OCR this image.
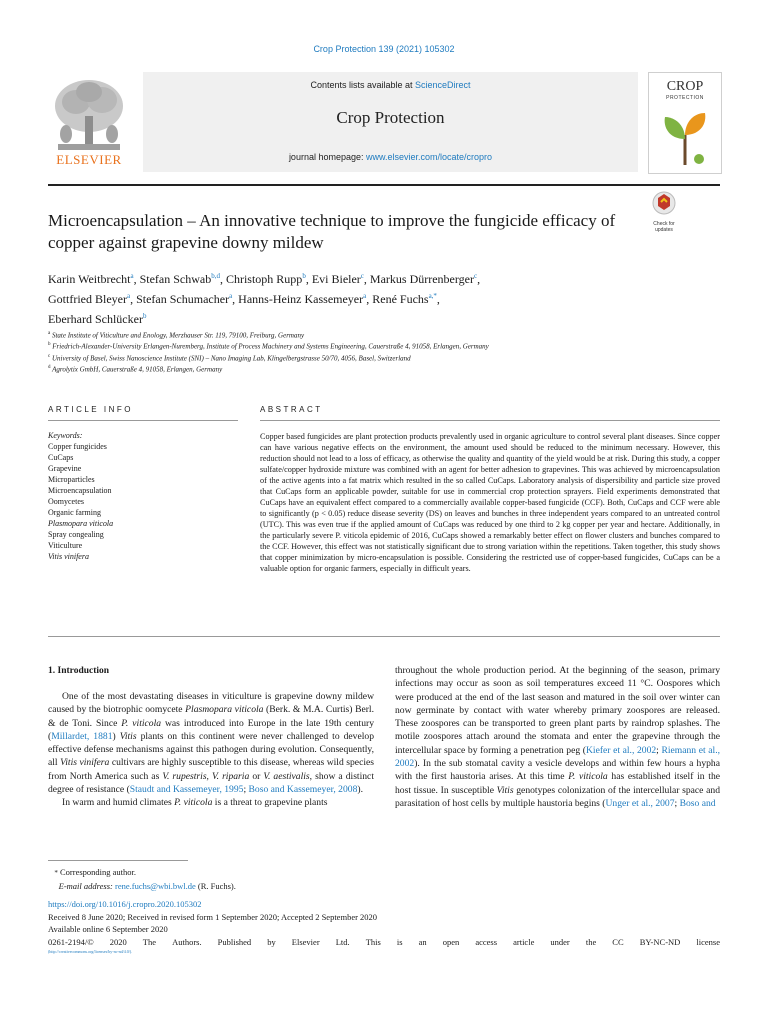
Crop Protection 139 (2021) 105302
ELSEVIER
Contents lists available at ScienceDirect
Crop Protection
journal homepage: www.elsevier.com/locate/cropro
CROP
PROTECTION
Microencapsulation – An innovative technique to improve the fungicide efficacy of copper against grapevine downy mildew
Check for updates
Karin Weitbrecht$^a$, Stefan Schwab$^{b,d}$, Christoph Rupp$^b$, Evi Bieler$^c$, Markus Dürrenberger$^c$,
Gottfried Bleyer$^a$, Stefan Schumacher$^a$, Hanns-Heinz Kassemeyer$^a$, René Fuchs$^{a,*}$,
Eberhard Schlücker$^b$
$^a$ State Institute of Viticulture and Enology, Merzhauser Str. 119, 79100, Freiburg, Germany
$^b$ Friedrich-Alexander-University Erlangen-Nuremberg, Institute of Process Machinery and Systems Engineering, Cauerstraße 4, 91058, Erlangen, Germany
$^c$ University of Basel, Swiss Nanoscience Institute (SNI) – Nano Imaging Lab, Klingelbergstrasse 50/70, 4056, Basel, Switzerland
$^d$ Agrolytix GmbH, Cauerstraße 4, 91058, Erlangen, Germany
ARTICLE INFO	ABSTRACT
Keywords:
Copper fungicides
CuCaps
Grapevine
Microparticles
Microencapsulation
Oomycetes
Organic farming
Plasmopara viticola
Spray congealing
Viticulture
Vitis vinifera
Copper based fungicides are plant protection products prevalently used in organic agriculture to control several plant diseases. Since copper can have various negative effects on the environment, the amount used should be reduced to the minimum necessary. However, this reduction should not lead to a loss of efficacy, as otherwise the quality and quantity of the yield would be at risk. During this study, a copper sulfate/copper hydroxide mixture was combined with an agent for better adhesion to grapevines. This was achieved by microencapsulation of the active agents into a fat matrix which resulted in the so called CuCaps. Laboratory analysis of dispersibility and particle size proved that CuCaps form an applicable powder, suitable for use in commercial crop protection sprayers. Field experiments demonstrated that CuCaps have an equivalent effect compared to a commercially available copper-based fungicide (CCF). Both, CuCaps and CCF were able to significantly (p < 0.05) reduce disease severity (DS) on leaves and bunches in three independent years compared to an untreated control (UTC). This was even true if the applied amount of CuCaps was reduced by one third to 2 kg copper per year and hectare. Additionally, in the particularly severe P. viticola epidemic of 2016, CuCaps showed a remarkably better effect on flower clusters and bunches compared to the CCF. However, this effect was not statistically significant due to strong variation within the repetitions. Taken together, this study shows that copper minimization by micro-encapsulation is possible. Considering the restricted use of copper-based fungicides, CuCaps can be a valuable option for organic farmers, especially in difficult years.
1. Introduction

One of the most devastating diseases in viticulture is grapevine downy mildew caused by the biotrophic oomycete Plasmopara viticola (Berk. & M.A. Curtis) Berl. & de Toni. Since P. viticola was introduced into Europe in the late 19th century (Millardet, 1881) Vitis plants on this continent were never challenged to develop effective defense mechanisms against this pathogen during evolution. Consequently, all Vitis vinifera cultivars are highly susceptible to this disease, whereas wild species from North America such as V. rupestris, V. riparia or V. aestivalis, show a distinct degree of resistance (Staudt and Kassemeyer, 1995; Boso and Kassemeyer, 2008).

In warm and humid climates P. viticola is a threat to grapevine plants

throughout the whole production period. At the beginning of the season, primary infections may occur as soon as soil temperatures exceed 11 °C. Oospores which were produced at the end of the last season and matured in the soil over winter can now germinate by contact with water whereby primary zoospores are released. These zoospores can be transported to green plant parts by raindrop splashes. The motile zoospores attach around the stomata and enter the grapevine through the intercellular space by forming a penetration peg (Kiefer et al., 2002; Riemann et al., 2002). In the sub stomatal cavity a vesicle develops and within few hours a hypha with the first haustoria arises. At this time P. viticola has established itself in the host tissue. In susceptible Vitis genotypes colonization of the intercellular space and parasitation of host cells by multiple haustoria begins (Unger et al., 2007; Boso and

* Corresponding author.
E-mail address: rene.fuchs@wbi.bwl.de (R. Fuchs).
https://doi.org/10.1016/j.cropro.2020.105302
Received 8 June 2020; Received in revised form 1 September 2020; Accepted 2 September 2020
Available online 6 September 2020
0261-2194/© 2020 The Authors. Published by Elsevier Ltd. This is an open access article under the CC BY-NC-ND license
(http://creativecommons.org/licenses/by-nc-nd/4.0/).
